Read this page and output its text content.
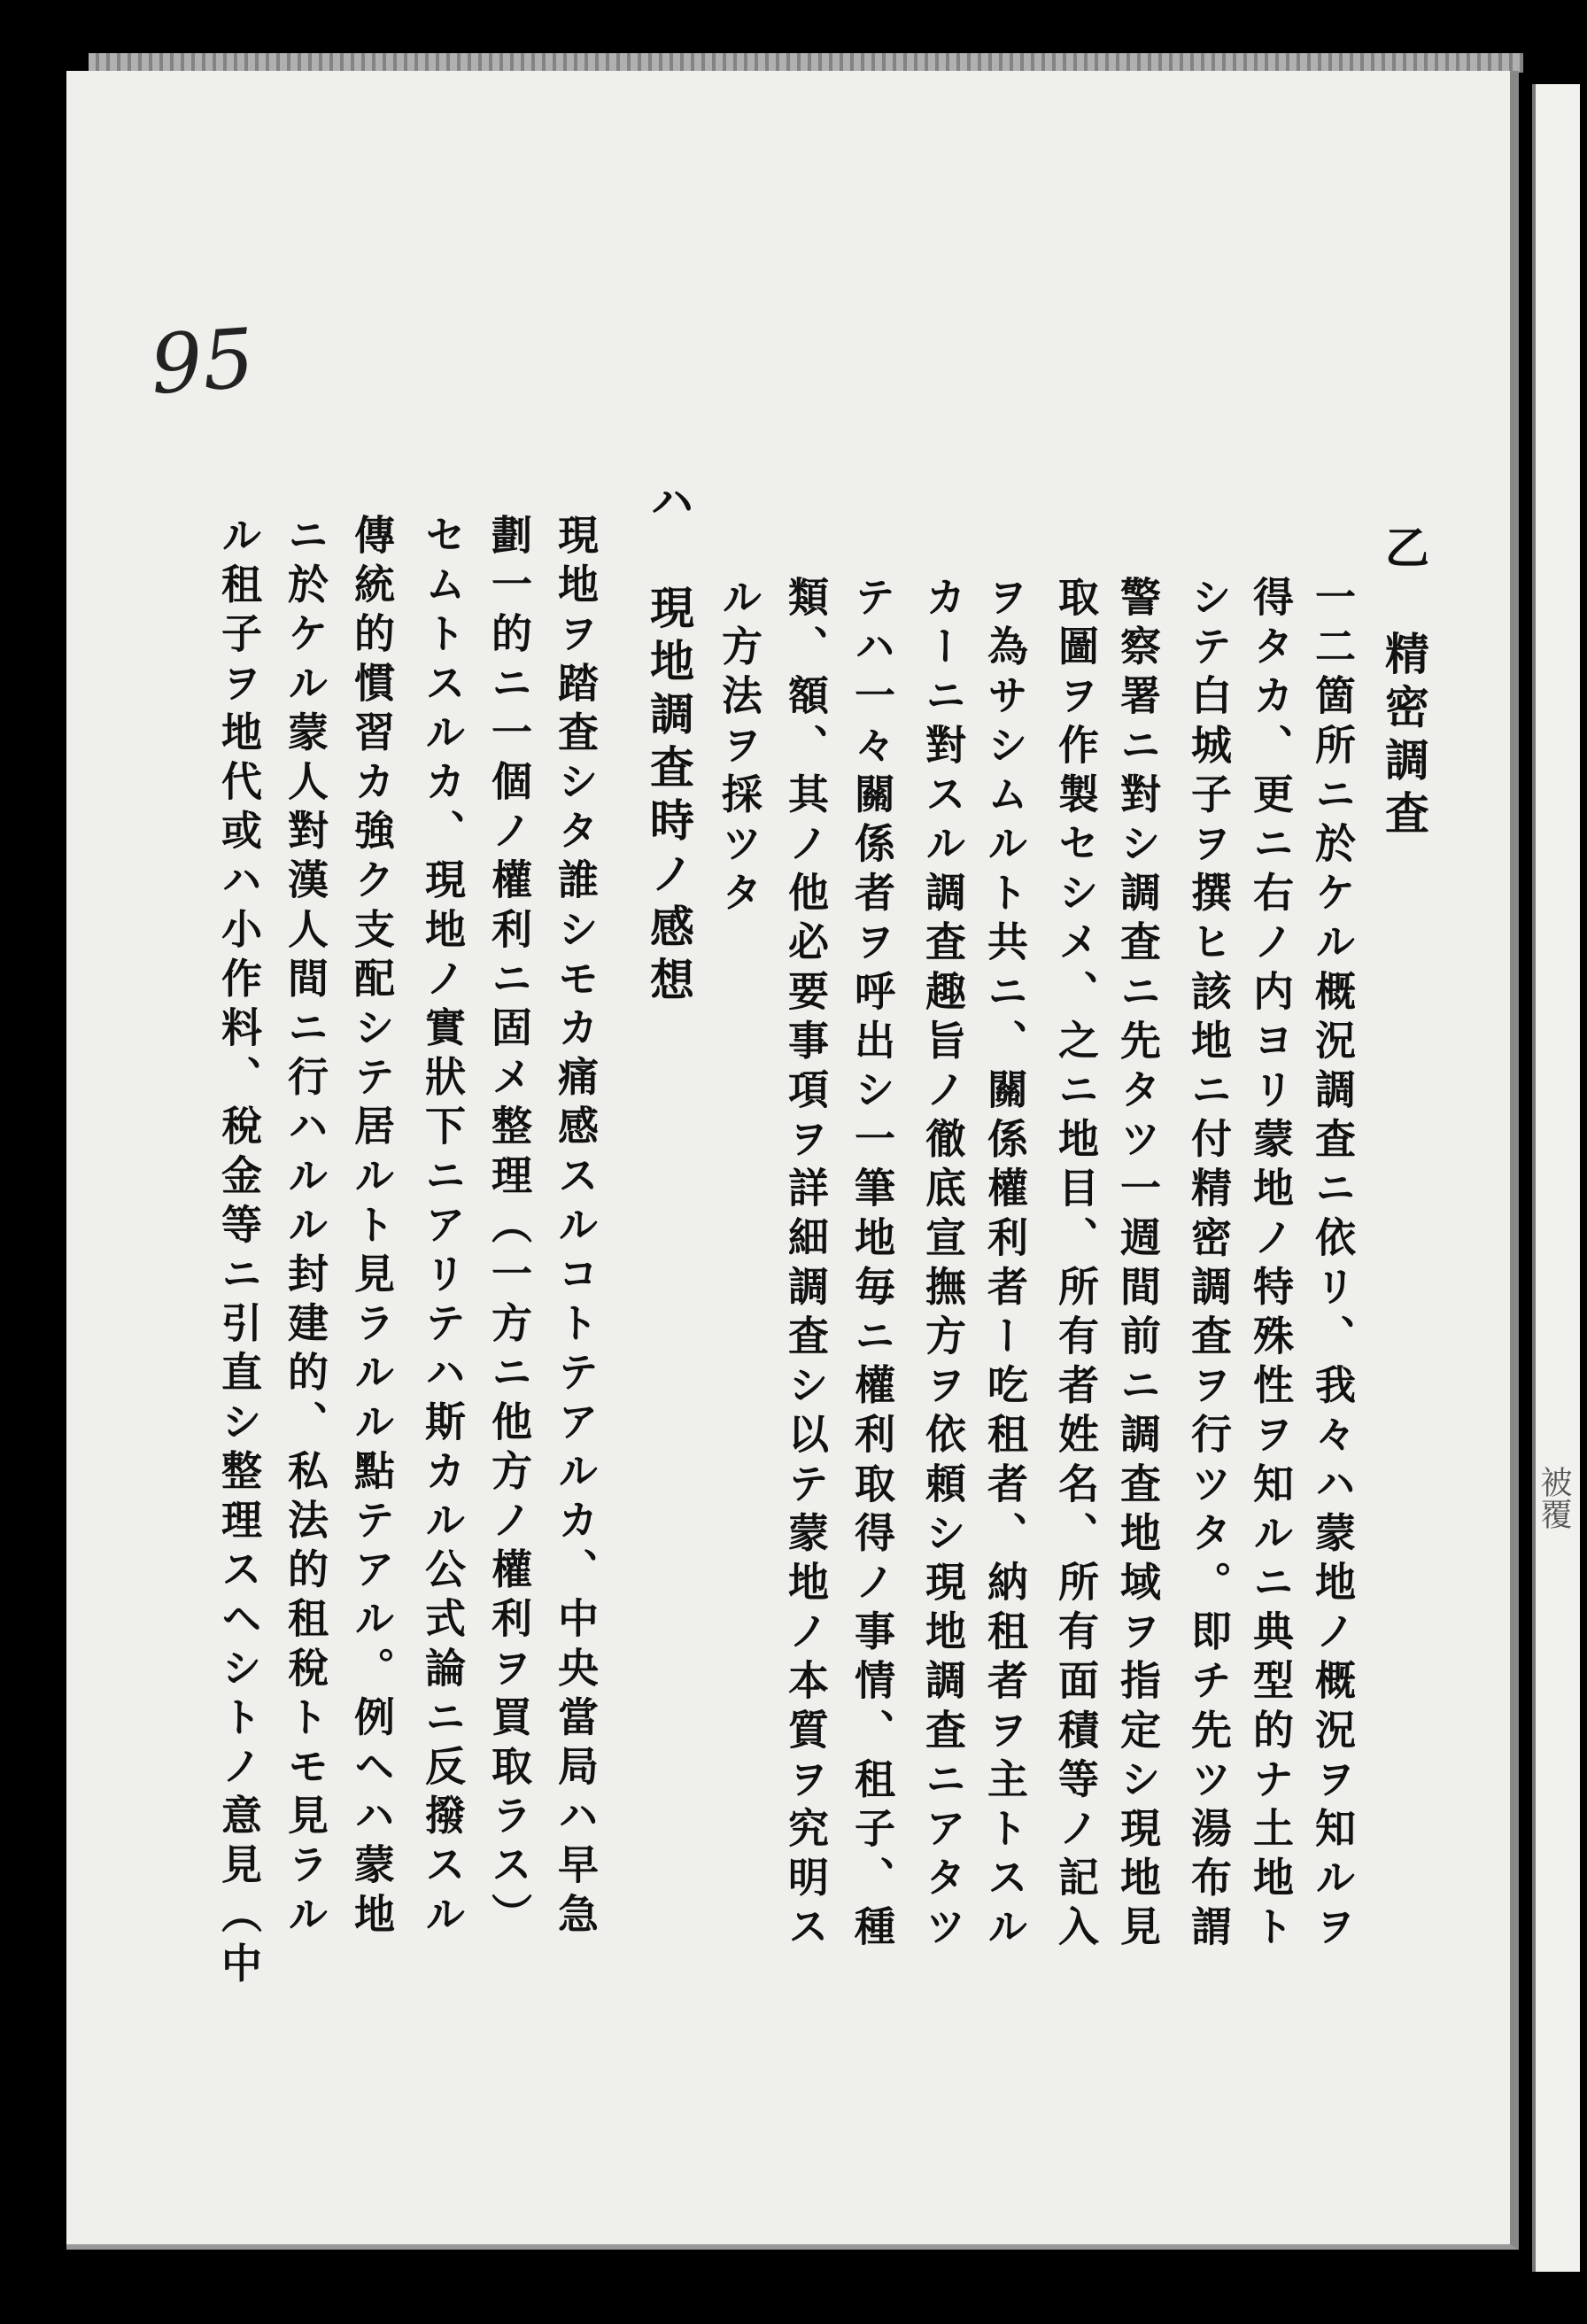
被覆
95
乙　精密調査
一二箇所ニ於ケル概況調査ニ依リ、我々ハ蒙地ノ概況ヲ知ルヲ
得タカ、更ニ右ノ内ヨリ蒙地ノ特殊性ヲ知ルニ典型的ナ土地ト
シテ白城子ヲ撰ヒ該地ニ付精密調査ヲ行ツタ。即チ先ツ湯布謂
警察署ニ對シ調査ニ先タツ一週間前ニ調査地域ヲ指定シ現地見
取圖ヲ作製セシメ、之ニ地目、所有者姓名、所有面積等ノ記入
ヲ為サシムルト共ニ、關係權利者ー吃租者、納租者ヲ主トスル
カーニ對スル調査趣旨ノ徹底宣撫方ヲ依頼シ現地調査ニアタツ
テハ一々關係者ヲ呼出シ一筆地毎ニ權利取得ノ事情、租子、種
類、額、其ノ他必要事項ヲ詳細調査シ以テ蒙地ノ本質ヲ究明ス
ル方法ヲ採ツタ
ハ　現地調査時ノ感想
現地ヲ踏査シタ誰シモカ痛感スルコトテアルカ、中央當局ハ早急
劃一的ニ一個ノ權利ニ固メ整理（一方ニ他方ノ權利ヲ買取ラス）
セムトスルカ、現地ノ實狀下ニアリテハ斯カル公式論ニ反撥スル
傳統的慣習カ強ク支配シテ居ルト見ラルル點テアル。例ヘハ蒙地
ニ於ケル蒙人對漢人間ニ行ハルル封建的、私法的租稅トモ見ラル
ル租子ヲ地代或ハ小作料、稅金等ニ引直シ整理スヘシトノ意見（中
